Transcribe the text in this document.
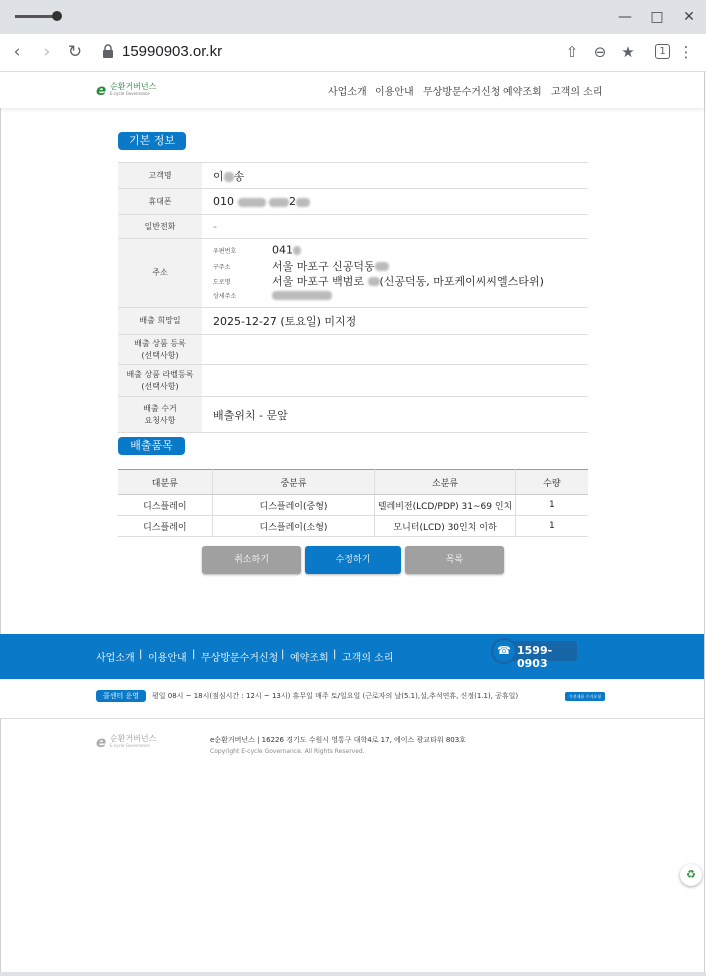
—	□	✕
‹	›	↻	15990903.or.kr	⇧ ⊖ ★	1 ⋮
e 순환거버넌스
E-cycle Governance	사업소개 이용안내 무상방문수거신청 예약조회 고객의 소리
기본 정보
고객명	이 송
휴대폰	010 2
일반전화	-
주소	우편번호 041
구주소 서울 마포구 신공덕동
도로명 서울 마포구 백범로 (신공덕동, 마포케이씨씨엘스타위)
상세주소

배출 희망일	2025-12-27 (토요일) 미지정

배출 상품 등록
(선택사항)	

배출 상품 라벨등록
(선택사항)	

배출 수거
요청사항	배출위치 - 문앞
배출품목
대분류	중분류	소분류	수량
디스플레이	디스플레이(중형)	텔레비전(LCD/PDP) 31~69 인치	1
디스플레이	디스플레이(소형)	모니터(LCD) 30인치 이하	1
취소하기	수정하기	목록
사업소개 | 이용안내 | 무상방문수거신청 | 예약조회 | 고객의 소리
☎ 1599-0903
콜센터 운영	평일 08시 ~ 18시(점심시간 : 12시 ~ 13시) 휴무일 매주 토/일요일 (근로자의 날(5.1),설,추석연휴, 신정(1.1), 공휴일)	가전제품 수거요청
e 순환거버넌스
E-cycle Governance
e순환거버넌스 | 16226 경기도 수원시 영통구 대학4로 17, 에이스 광교타워 803호
Copyright E-cycle Governance. All Rights Reserved.
♻
